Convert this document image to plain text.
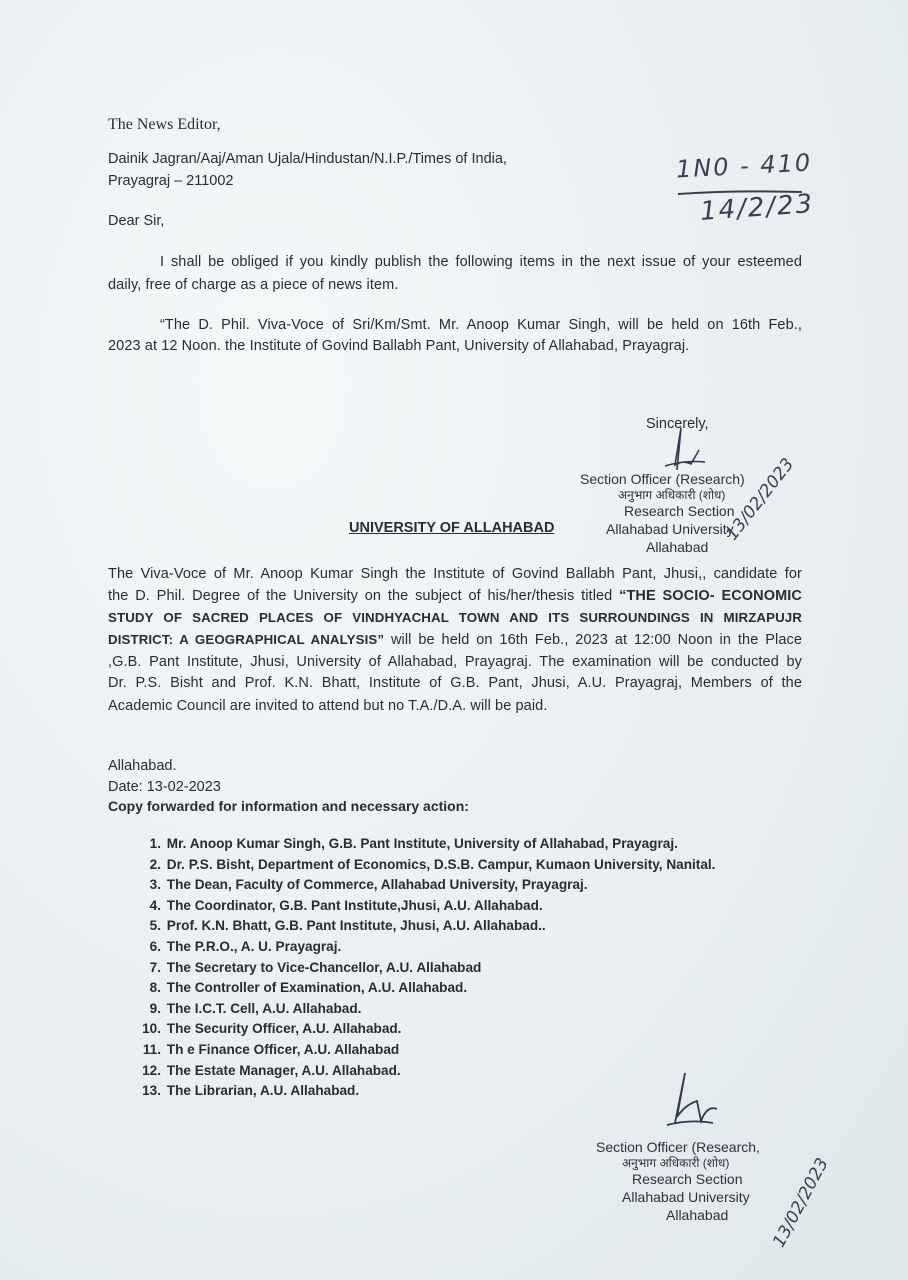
The News Editor,
Dainik Jagran/Aaj/Aman Ujala/Hindustan/N.I.P./Times of India,
Prayagraj – 211002
Dear Sir,
1N0 - 410
14/2/23
I shall be obliged if you kindly publish the following items in the next issue of your esteemed
daily, free of charge as a piece of news item.
“The D. Phil. Viva-Voce of Sri/Km/Smt. Mr. Anoop Kumar Singh, will be held on 16th Feb.,
2023 at 12 Noon. the Institute of Govind Ballabh Pant, University of Allahabad, Prayagraj.
Sincerely,
Section Officer (Research)
अनुभाग अधिकारी (शोध)
Research Section
Allahabad University
Allahabad
13/02/2023
UNIVERSITY OF ALLAHABAD
The Viva-Voce of Mr. Anoop Kumar Singh the Institute of Govind Ballabh Pant, Jhusi,, candidate for
the D. Phil. Degree of the University on the subject of his/her/thesis titled “THE SOCIO- ECONOMIC
STUDY OF SACRED PLACES OF VINDHYACHAL TOWN AND ITS SURROUNDINGS IN MIRZAPUJR
DISTRICT: A GEOGRAPHICAL ANALYSIS” will be held on 16th Feb., 2023 at 12:00 Noon in the Place
,G.B. Pant Institute, Jhusi, University of Allahabad, Prayagraj. The examination will be conducted by
Dr. P.S. Bisht and Prof. K.N. Bhatt, Institute of G.B. Pant, Jhusi, A.U. Prayagraj, Members of the
Academic Council are invited to attend but no T.A./D.A. will be paid.
Allahabad.
Date: 13-02-2023
Copy forwarded for information and necessary action:
1. Mr. Anoop Kumar Singh, G.B. Pant Institute, University of Allahabad, Prayagraj.
2. Dr. P.S. Bisht, Department of Economics, D.S.B. Campur, Kumaon University, Nanital.
3. The Dean, Faculty of Commerce, Allahabad University, Prayagraj.
4. The Coordinator, G.B. Pant Institute,Jhusi, A.U. Allahabad.
5. Prof. K.N. Bhatt, G.B. Pant Institute, Jhusi, A.U. Allahabad..
6. The P.R.O., A. U. Prayagraj.
7. The Secretary to Vice-Chancellor, A.U. Allahabad
8. The Controller of Examination, A.U. Allahabad.
9. The I.C.T. Cell, A.U. Allahabad.
10. The Security Officer, A.U. Allahabad.
11. Th e Finance Officer, A.U. Allahabad
12. The Estate Manager, A.U. Allahabad.
13. The Librarian, A.U. Allahabad.
Section Officer (Research,
अनुभाग अधिकारी (शोध)
Research Section
Allahabad University
Allahabad	13/02/2023
